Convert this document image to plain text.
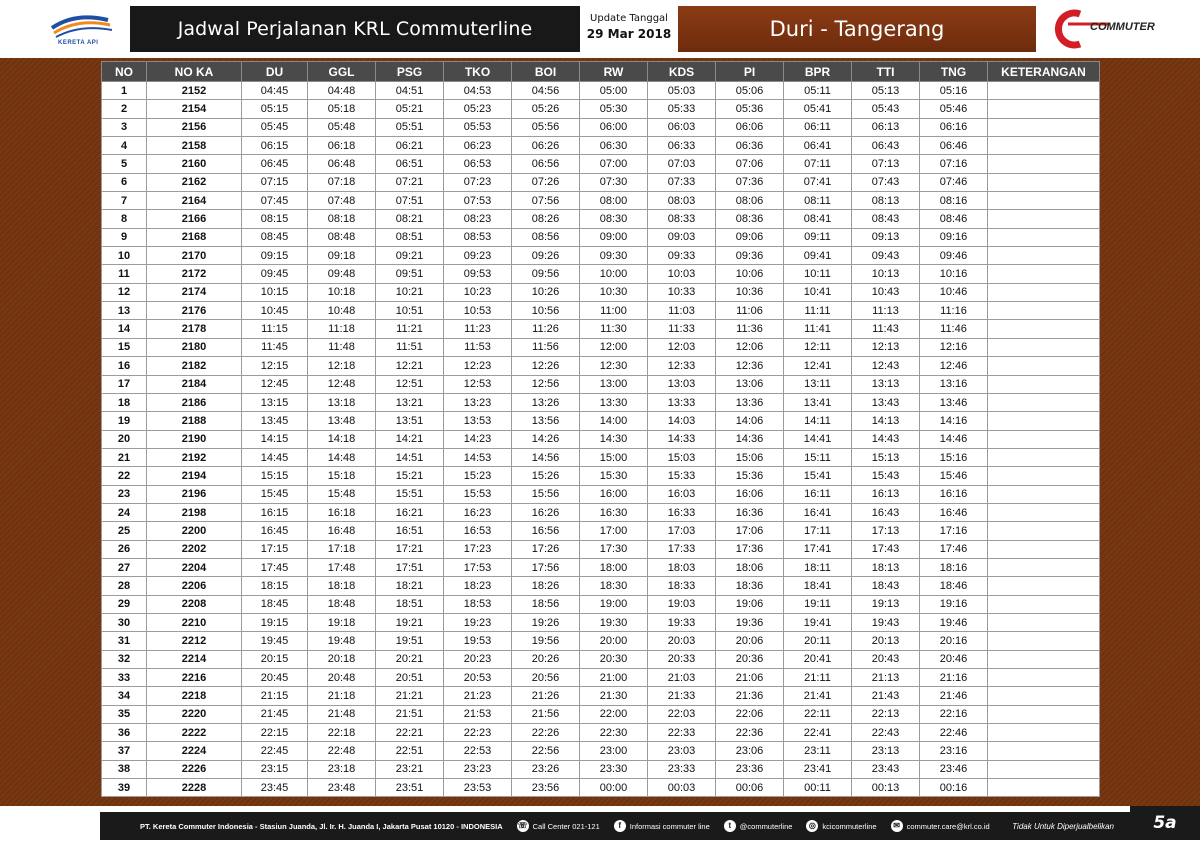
KERETA API
Jadwal Perjalanan KRL Commuterline	Update Tanggal
29 Mar 2018	Duri - Tangerang	COMMUTER
NO	NO KA	DU	GGL	PSG	TKO	BOI	RW	KDS	PI	BPR	TTI	TNG	KETERANGAN
1	2152	04:45	04:48	04:51	04:53	04:56	05:00	05:03	05:06	05:11	05:13	05:16	
2	2154	05:15	05:18	05:21	05:23	05:26	05:30	05:33	05:36	05:41	05:43	05:46	
3	2156	05:45	05:48	05:51	05:53	05:56	06:00	06:03	06:06	06:11	06:13	06:16	
4	2158	06:15	06:18	06:21	06:23	06:26	06:30	06:33	06:36	06:41	06:43	06:46	
5	2160	06:45	06:48	06:51	06:53	06:56	07:00	07:03	07:06	07:11	07:13	07:16	
6	2162	07:15	07:18	07:21	07:23	07:26	07:30	07:33	07:36	07:41	07:43	07:46	
7	2164	07:45	07:48	07:51	07:53	07:56	08:00	08:03	08:06	08:11	08:13	08:16	
8	2166	08:15	08:18	08:21	08:23	08:26	08:30	08:33	08:36	08:41	08:43	08:46	
9	2168	08:45	08:48	08:51	08:53	08:56	09:00	09:03	09:06	09:11	09:13	09:16	
10	2170	09:15	09:18	09:21	09:23	09:26	09:30	09:33	09:36	09:41	09:43	09:46	
11	2172	09:45	09:48	09:51	09:53	09:56	10:00	10:03	10:06	10:11	10:13	10:16	
12	2174	10:15	10:18	10:21	10:23	10:26	10:30	10:33	10:36	10:41	10:43	10:46	
13	2176	10:45	10:48	10:51	10:53	10:56	11:00	11:03	11:06	11:11	11:13	11:16	
14	2178	11:15	11:18	11:21	11:23	11:26	11:30	11:33	11:36	11:41	11:43	11:46	
15	2180	11:45	11:48	11:51	11:53	11:56	12:00	12:03	12:06	12:11	12:13	12:16	
16	2182	12:15	12:18	12:21	12:23	12:26	12:30	12:33	12:36	12:41	12:43	12:46	
17	2184	12:45	12:48	12:51	12:53	12:56	13:00	13:03	13:06	13:11	13:13	13:16	
18	2186	13:15	13:18	13:21	13:23	13:26	13:30	13:33	13:36	13:41	13:43	13:46	
19	2188	13:45	13:48	13:51	13:53	13:56	14:00	14:03	14:06	14:11	14:13	14:16	
20	2190	14:15	14:18	14:21	14:23	14:26	14:30	14:33	14:36	14:41	14:43	14:46	
21	2192	14:45	14:48	14:51	14:53	14:56	15:00	15:03	15:06	15:11	15:13	15:16	
22	2194	15:15	15:18	15:21	15:23	15:26	15:30	15:33	15:36	15:41	15:43	15:46	
23	2196	15:45	15:48	15:51	15:53	15:56	16:00	16:03	16:06	16:11	16:13	16:16	
24	2198	16:15	16:18	16:21	16:23	16:26	16:30	16:33	16:36	16:41	16:43	16:46	
25	2200	16:45	16:48	16:51	16:53	16:56	17:00	17:03	17:06	17:11	17:13	17:16	
26	2202	17:15	17:18	17:21	17:23	17:26	17:30	17:33	17:36	17:41	17:43	17:46	
27	2204	17:45	17:48	17:51	17:53	17:56	18:00	18:03	18:06	18:11	18:13	18:16	
28	2206	18:15	18:18	18:21	18:23	18:26	18:30	18:33	18:36	18:41	18:43	18:46	
29	2208	18:45	18:48	18:51	18:53	18:56	19:00	19:03	19:06	19:11	19:13	19:16	
30	2210	19:15	19:18	19:21	19:23	19:26	19:30	19:33	19:36	19:41	19:43	19:46	
31	2212	19:45	19:48	19:51	19:53	19:56	20:00	20:03	20:06	20:11	20:13	20:16	
32	2214	20:15	20:18	20:21	20:23	20:26	20:30	20:33	20:36	20:41	20:43	20:46	
33	2216	20:45	20:48	20:51	20:53	20:56	21:00	21:03	21:06	21:11	21:13	21:16	
34	2218	21:15	21:18	21:21	21:23	21:26	21:30	21:33	21:36	21:41	21:43	21:46	
35	2220	21:45	21:48	21:51	21:53	21:56	22:00	22:03	22:06	22:11	22:13	22:16	
36	2222	22:15	22:18	22:21	22:23	22:26	22:30	22:33	22:36	22:41	22:43	22:46	
37	2224	22:45	22:48	22:51	22:53	22:56	23:00	23:03	23:06	23:11	23:13	23:16	
38	2226	23:15	23:18	23:21	23:23	23:26	23:30	23:33	23:36	23:41	23:43	23:46	
39	2228	23:45	23:48	23:51	23:53	23:56	00:00	00:03	00:06	00:11	00:13	00:16	
PT. Kereta Commuter Indonesia - Stasiun Juanda, Jl. Ir. H. Juanda I, Jakarta Pusat 10120 - INDONESIA ☏ Call Center 021-121	f	Informasi commuter line	t	@commuterline	◎ kcicommuterline	✉ commuter.care@krl.co.id	Tidak Untuk Diperjualbelikan	5a
